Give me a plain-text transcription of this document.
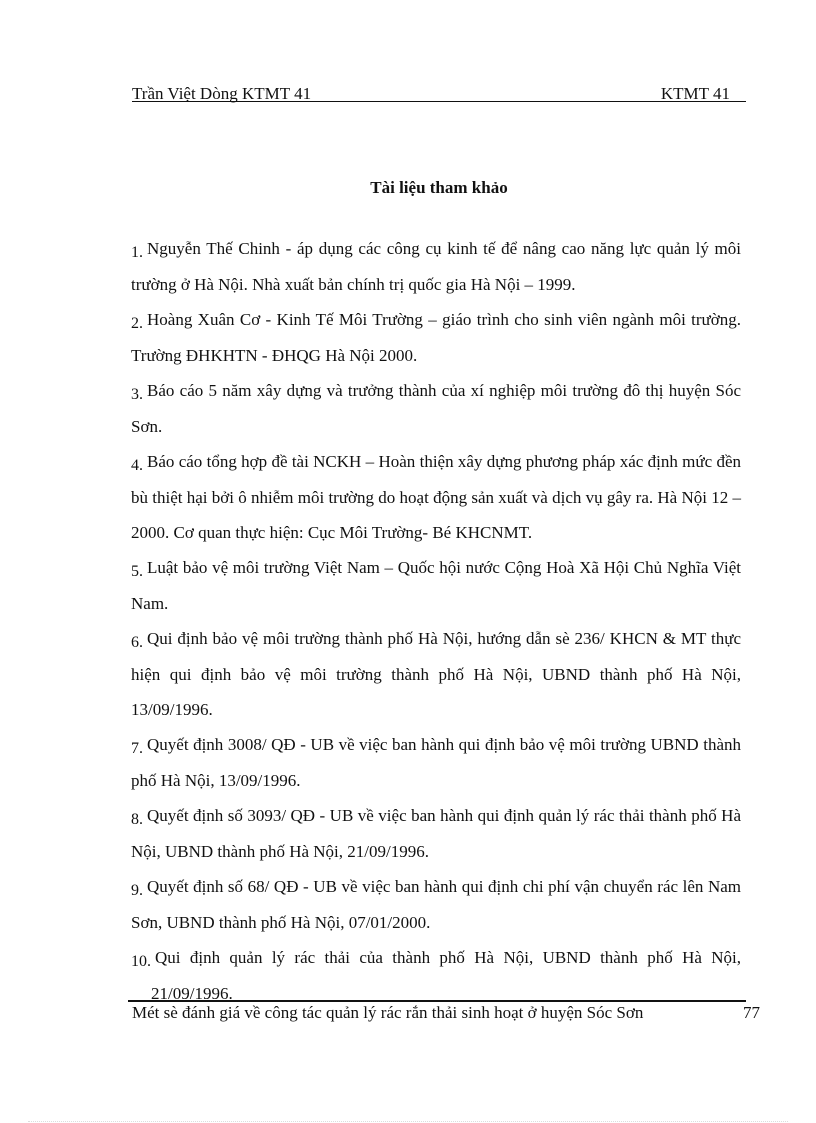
Trần Việt Dòng KTMT 41	KTMT 41
Tài liệu tham khảo
1. Nguyễn Thế Chinh - áp dụng các công cụ kinh tế để nâng cao năng lực quản lý môi trường ở Hà Nội. Nhà xuất bản chính trị quốc gia Hà Nội – 1999.
2. Hoàng Xuân Cơ - Kinh Tế Môi Trường – giáo trình cho sinh viên ngành môi trường. Trường ĐHKHTN - ĐHQG Hà Nội 2000.
3. Báo cáo 5 năm xây dựng và trưởng thành của xí nghiệp môi trường đô thị huyện Sóc Sơn.
4. Báo cáo tổng hợp đề tài NCKH – Hoàn thiện xây dựng phương pháp xác định mức đền bù thiệt hại bởi ô nhiễm môi trường do hoạt động sản xuất và dịch vụ gây ra. Hà Nội 12 –2000. Cơ quan thực hiện: Cục Môi Trường- Bé KHCNMT.
5. Luật bảo vệ môi trường Việt Nam – Quốc hội nước Cộng Hoà Xã Hội Chủ Nghĩa Việt Nam.
6. Qui định bảo vệ môi trường thành phố Hà Nội, hướng dẫn sè 236/ KHCN & MT thực hiện qui định bảo vệ môi trường thành phố Hà Nội, UBND thành phố Hà Nội, 13/09/1996.
7. Quyết định 3008/ QĐ - UB về việc ban hành qui định bảo vệ môi trường UBND thành phố Hà Nội, 13/09/1996.
8. Quyết định số 3093/ QĐ - UB về việc ban hành qui định quản lý rác thải thành phố Hà Nội, UBND thành phố Hà Nội, 21/09/1996.
9. Quyết định số 68/ QĐ - UB về việc ban hành qui định chi phí vận chuyển rác lên Nam Sơn, UBND thành phố Hà Nội, 07/01/2000.
10. Qui định quản lý rác thải của thành phố Hà Nội, UBND thành phố Hà Nội, 21/09/1996.
Mét sè đánh giá về công tác quản lý rác rắn thải sinh hoạt ở huyện Sóc Sơn	77
